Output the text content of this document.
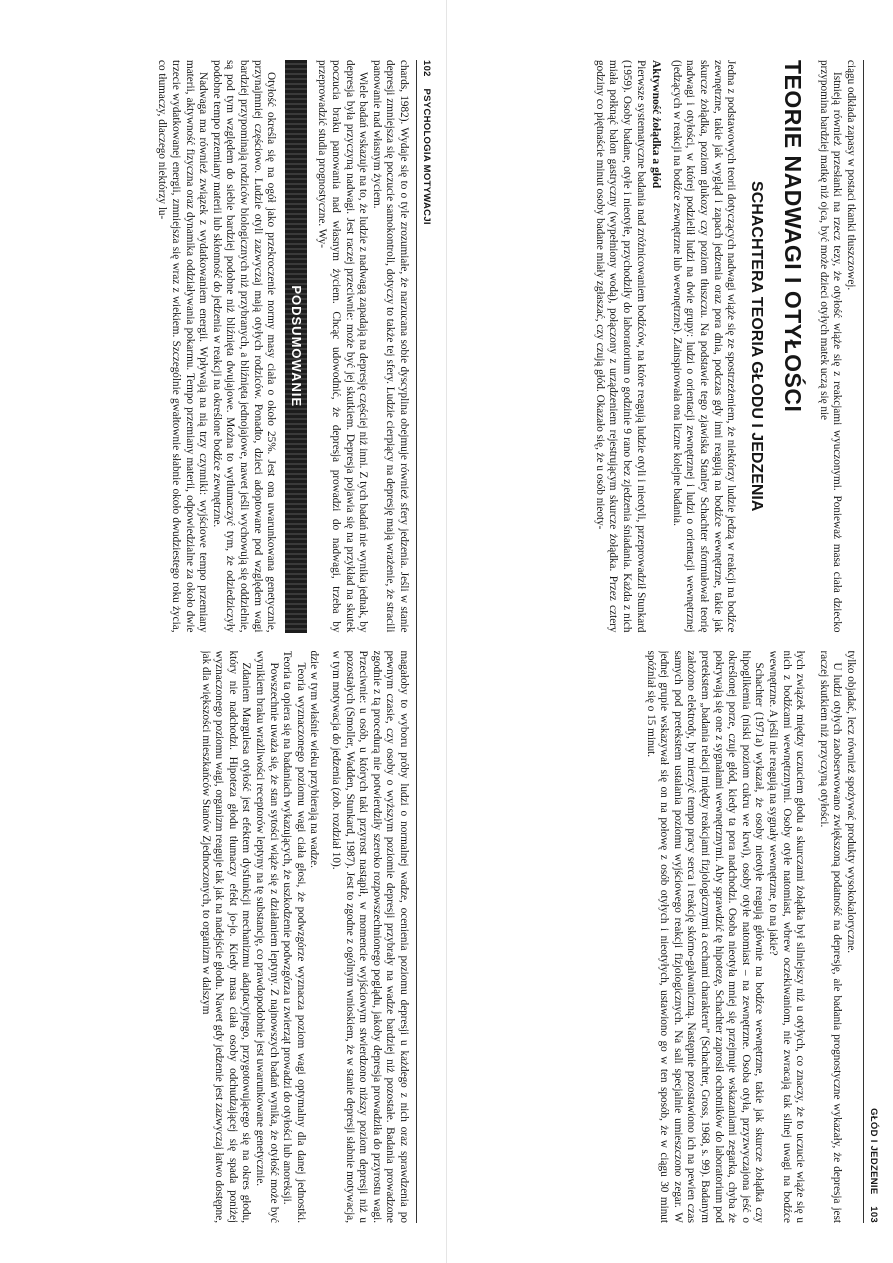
102    PSYCHOLOGIA MOTYWACJI

chards, 1982). Wydaje się to o tyle zrozumiałe, że narzucana sobie dyscyplina obejmuje również sfery jedzenia. Jeśli w stanie depresji zmniejsza się poczucie samokontroli, dotyczy to także tej sfery. Ludzie cierpiący na depresję mają wrażenie, że stracili panowanie nad własnym życiem.

Wiele badań wskazuje na to, że ludzie z nadwagą zapadają na depresję częściej niż inni. Z tych badań nie wynika jednak, by depresja była przyczyną nadwagi. Jest raczej przeciwnie: może być jej skutkiem. Depresja pojawia się na przykład na skutek poczucia braku panowania nad własnym życiem. Chcąc udowodnić, że depresja prowadzi do nadwagi, trzeba by przeprowadzić studia prognostyczne. Wy-

PODSUMOWANIE

Otyłość określa się na ogół jako przekroczenie normy masy ciała o około 25%. Jest ona uwarunkowana genetycznie, przynajmniej częściowo. Ludzie otyli zazwyczaj mają otyłych rodziców. Ponadto, dzieci adoptowane pod względem wagi bardziej przypominają rodziców biologicznych niż przybranych, a bliźnięta jednojajowe, nawet jeśli wychowują się oddzielnie, są pod tym względem do siebie bardziej podobne niż bliźnięta dwujajowe. Można to wytłumaczyć tym, że odziedziczyły podobne tempo przemiany materii lub skłonność do jedzenia w reakcji na określone bodźce zewnętrzne.

Nadwaga ma również związek z wydatkowaniem energii. Wpływają na nią trzy czynniki: wyjściowe tempo przemiany materii, aktywność fizyczna oraz dynamika oddziaływania pokarmu. Tempo przemiany materii, odpowiedzialne za około dwie trzecie wydatkowanej energii, zmniejsza się wraz z wiekiem. Szczególnie gwałtownie słabnie około dwudziestego roku życia, co tłumaczy, dlaczego niektórzy lu-

magałoby to wyboru próby ludzi o normalnej wadze, ocenienia poziomu depresji u każdego z nich oraz sprawdzenia po pewnym czasie, czy osoby o wyższym poziomie depresji przybrały na wadze bardziej niż pozostałe. Badania prowadzone zgodnie z tą procedurą nie potwierdziły szeroko rozpowszechnionego poglądu, jakoby depresja prowadziła do przyrostu wagi. Przeciwnie: u osób, u których taki przyrost nastąpił, w momencie wyjściowym stwierdzono niższy poziom depresji niż u pozostałych (Smoller, Wadden, Stunkard, 1987). Jest to zgodne z ogólnym wnioskiem, że w stanie depresji słabnie motywacja, w tym motywacja do jedzenia (zob. rozdział 10).

dzie w tym właśnie wieku przybierają na wadze.

Teoria wyznaczonego poziomu wagi ciała głosi, że podwzgórze wyznacza poziom wagi optymalny dla danej jednostki. Teoria ta opiera się na badaniach wykazujących, że uszkodzenie podwzgórza u zwierząt prowadzi do otyłości lub anoreksji.

Powszechnie uważa się, że stan sytości wiąże się z działaniem leptyny. Z najnowszych badań wynika, że otyłość może być wynikiem braku wrażliwości receptorów leptyny na tę substancję, co prawdopodobnie jest uwarunkowane genetycznie.

Zdaniem Margulesa otyłość jest efektem dysfunkcji mechanizmu adaptacyjnego, przygotowującego się na okres głodu, który nie nadchodzi. Hipoteza głodu tłumaczy efekt jo-jo. Kiedy masa ciała osoby odchudzającej się spada poniżej wyznaczonego poziomu wagi, organizm reaguje tak jak na nadejście głodu. Nawet gdy jedzenie jest zazwyczaj łatwo dostępne, jak dla większości mieszkańców Stanów Zjednoczonych, to organizm w dalszym

GŁÓD I JEDZENIE    103

ciągu odkłada zapasy w postaci tkanki tłuszczowej.

Istnieją również przesłanki na rzecz tezy, że otyłość wiąże się z reakcjami wyuczonymi. Ponieważ masa ciała dziecko przypomina bardziej matkę niż ojca, być może dzieci otyłych matek uczą się nie

TEORIE NADWAGI I OTYŁOŚCI
SCHACHTERA TEORIA GŁODU I JEDZENIA

Jedna z podstawowych teorii dotyczących nadwagi wiąże się ze spostrzeżeniem, że niektórzy ludzie jedzą w reakcji na bodźce zewnętrzne, takie jak wygląd i zapach jedzenia oraz pora dnia, podczas gdy inni reagują na bodźce wewnętrzne, takie jak skurcze żołądka, poziom glukozy czy poziom tłuszczu. Na podstawie tego zjawiska Stanley Schachter sformułował teorię nadwagi i otyłości, w której podzielił ludzi na dwie grupy: ludzi o orientacji zewnętrznej i ludzi o orientacji wewnętrznej (jedzących w reakcji na bodźce zewnętrzne lub wewnętrzne). Zainspirowała ona liczne kolejne badania.

Aktywność żołądka a głód

Pierwsze systematyczne badania nad zróżnicowaniem bodźców, na które reagują ludzie otyli i nieotyli, przeprowadził Stunkard (1959). Osoby badane, otyłe i nieotyłe, przychodziły do laboratorium o godzinie 9 rano bez zjedzenia śniadania. Każda z nich miała połknąć balon gastryczny (wypełniony wodą), połączony z urządzeniem rejestrującym skurcze żołądka. Przez cztery godziny co piętnaście minut osoby badane miały zgłaszać, czy czują głód. Okazało się, że u osób nieoty-

tylko objadać, lecz również spożywać produkty wysokokaloryczne.

U ludzi otyłych zaobserwowano zwiększoną podatność na depresję, ale badania prognostyczne wykazały, że depresja jest raczej skutkiem niż przyczyną otyłości.

łych związek między uczuciem głodu a skurczami żołądka był silniejszy niż u otyłych, co znaczy, że to uczucie wiąże się u nich z bodźcami wewnętrznymi. Osoby otyłe natomiast, wbrew oczekiwaniom, nie zwracają tak silnej uwagi na bodźce wewnętrzne. A jeśli nie reagują na sygnały wewnętrzne, to na jakie?

Schachter (1971a) wykazał, że osoby nieotyłe reagują głównie na bodźce wewnętrzne, takie jak skurcze żołądka czy hipoglikemia (niski poziom cukru we krwi), osoby otyłe natomiast – na zewnętrzne. Osoba otyła, przyzwyczajona jeść o określonej porze, czuje głód, kiedy ta pora nadchodzi. Osoba nieotyła mniej się przejmuje wskazaniami zegarka, chyba że pokrywają się one z sygnałami wewnętrznymi. Aby sprawdzić tę hipotezę, Schachter zaprosił ochotników do laboratorium pod pretekstem „badania relacji między reakcjami fizjologicznymi a cechami charakteru” (Schachter, Gross, 1968, s. 99). Badanym założono elektrody, by mierzyć tempo pracy serca i reakcję skórno-galwaniczną. Następnie pozostawiono ich na pewien czas samych pod pretekstem ustalania poziomu wyjściowego reakcji fizjologicznych. Na sali specjalnie umieszczono zegar. W jednej grupie wskazywał się on na połowę z osób otyłych i nieotyłych, ustawiono go w ten sposób, że w ciągu 30 minut spóźniał się o 15 minut.
